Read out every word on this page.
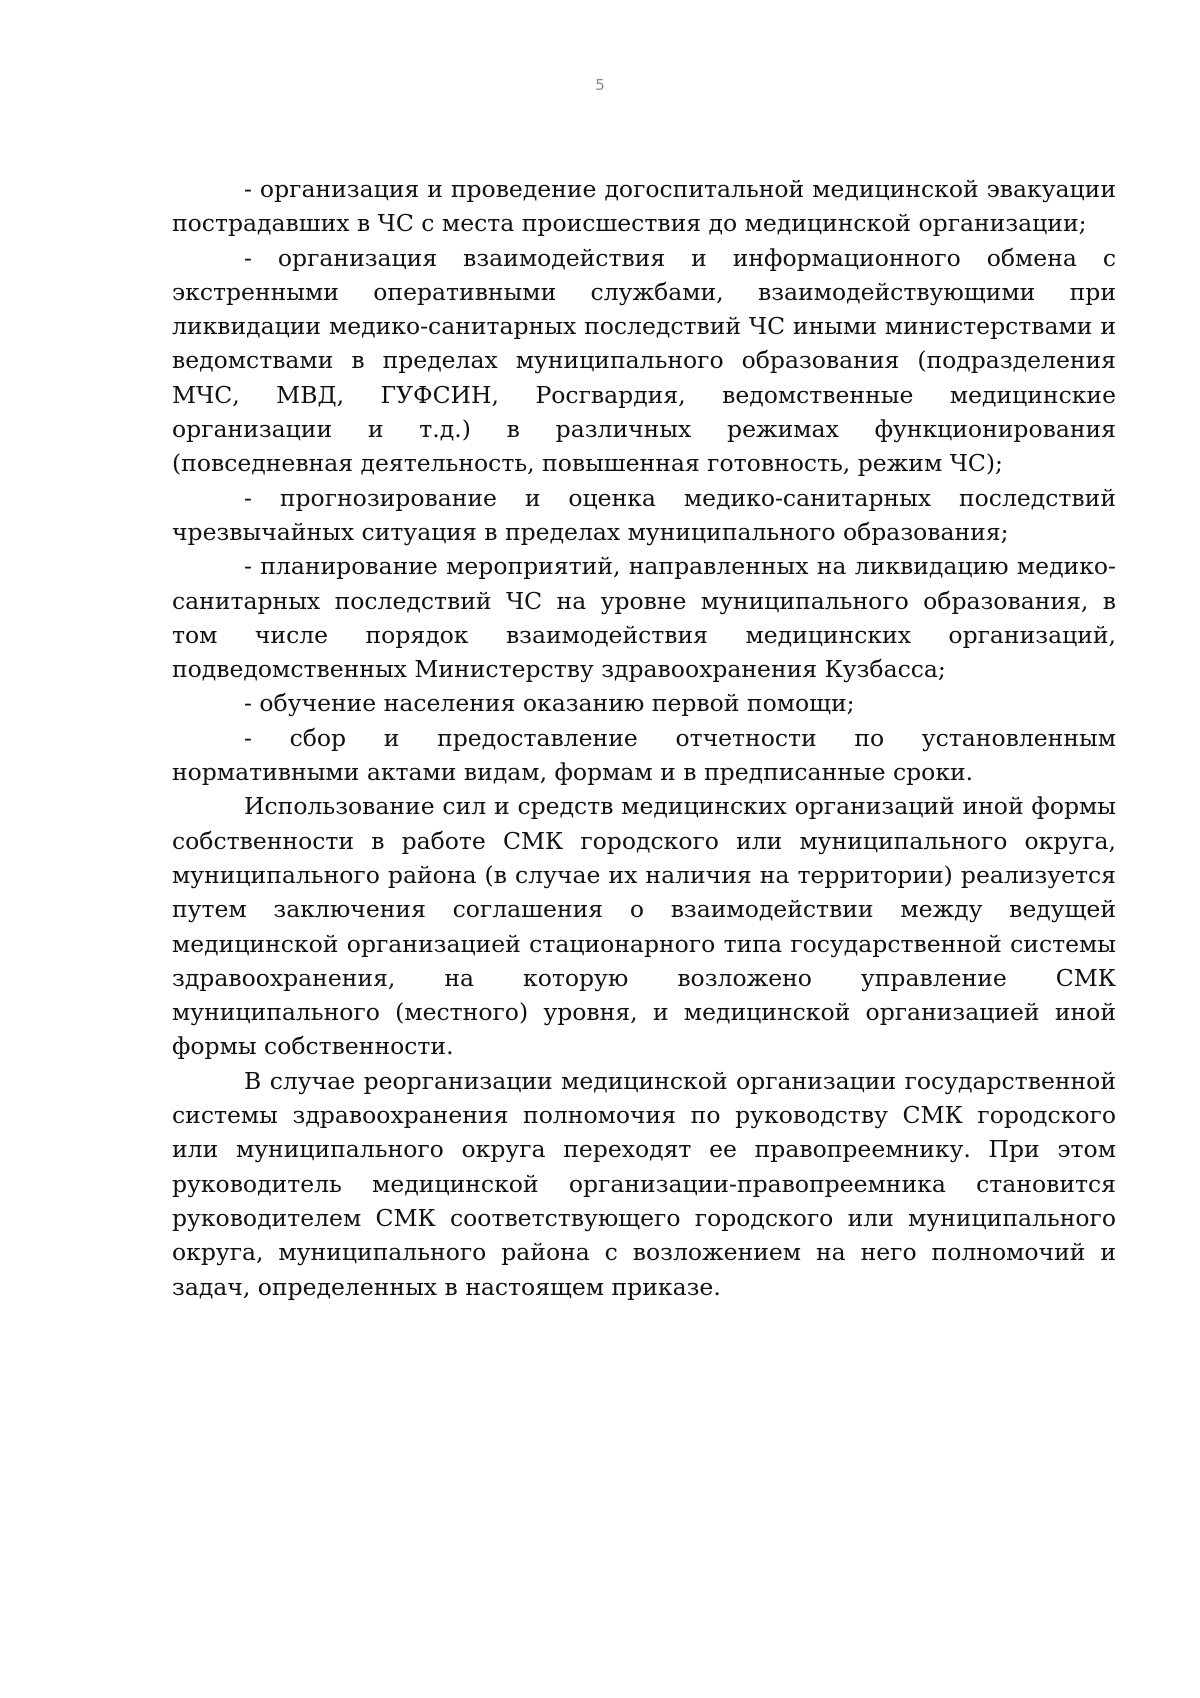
5

- организация и проведение догоспитальной медицинской эвакуации пострадавших в ЧС с места происшествия до медицинской организации;

- организация взаимодействия и информационного обмена с экстренными оперативными службами, взаимодействующими при ликвидации медико-санитарных последствий ЧС иными министерствами и ведомствами в пределах муниципального образования (подразделения МЧС, МВД, ГУФСИН, Росгвардия, ведомственные медицинские организации и т.д.) в различных режимах функционирования (повседневная деятельность, повышенная готовность, режим ЧС);

- прогнозирование и оценка медико-санитарных последствий чрезвычайных ситуация в пределах муниципального образования;

- планирование мероприятий, направленных на ликвидацию медико-санитарных последствий ЧС на уровне муниципального образования, в том числе порядок взаимодействия медицинских организаций, подведомственных Министерству здравоохранения Кузбасса;

- обучение населения оказанию первой помощи;

- сбор и предоставление отчетности по установленным нормативными актами видам, формам и в предписанные сроки.

Использование сил и средств медицинских организаций иной формы собственности в работе СМК городского или муниципального округа, муниципального района (в случае их наличия на территории) реализуется путем заключения соглашения о взаимодействии между ведущей медицинской организацией стационарного типа государственной системы здравоохранения, на которую возложено управление СМК муниципального (местного) уровня, и медицинской организацией иной формы собственности.

В случае реорганизации медицинской организации государственной системы здравоохранения полномочия по руководству СМК городского или муниципального округа переходят ее правопреемнику. При этом руководитель медицинской организации-правопреемника становится руководителем СМК соответствующего городского или муниципального округа, муниципального района с возложением на него полномочий и задач, определенных в настоящем приказе.
